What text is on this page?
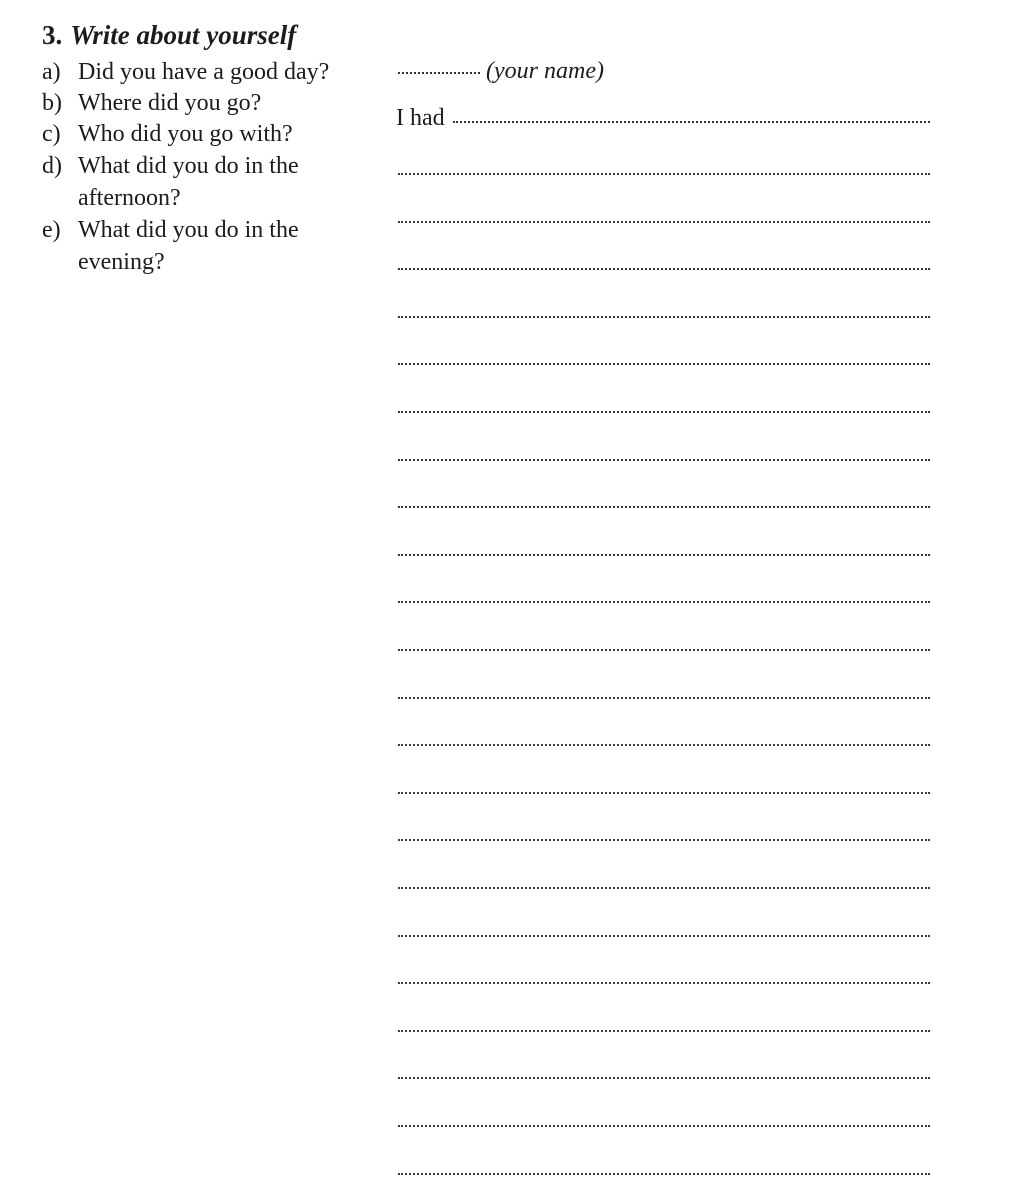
3. Write about yourself
a) Did you have a good day?
b) Where did you go?
c) Who did you go with?
d) What did you do in the afternoon?
e) What did you do in the evening?
(your name)
I had
